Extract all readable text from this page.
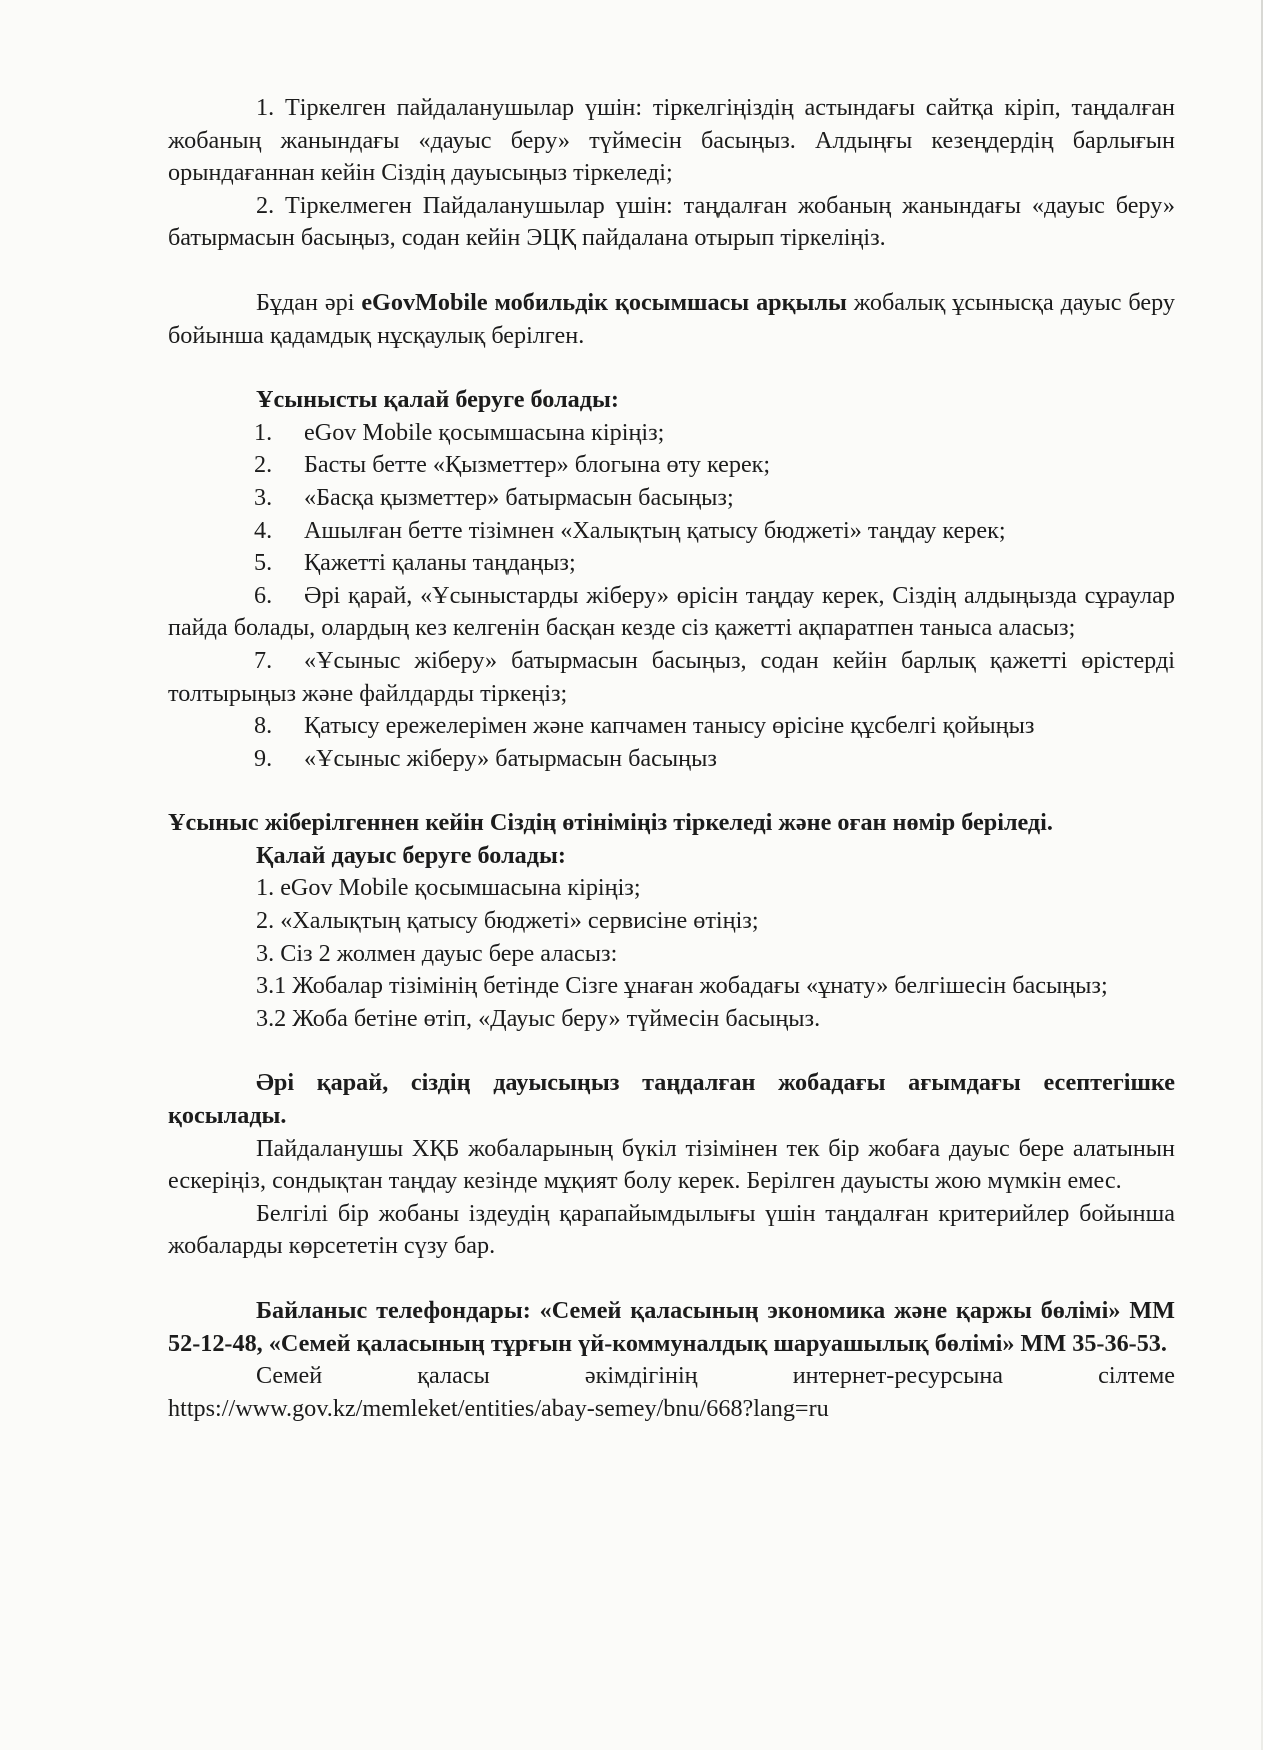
1. Тіркелген пайдаланушылар үшін: тіркелгіңіздің астындағы сайтқа кіріп, таңдалған жобаның жанындағы «дауыс беру» түймесін басыңыз. Алдыңғы кезеңдердің барлығын орындағаннан кейін Сіздің дауысыңыз тіркеледі;

2. Тіркелмеген Пайдаланушылар үшін: таңдалған жобаның жанындағы «дауыс беру» батырмасын басыңыз, содан кейін ЭЦҚ пайдалана отырып тіркеліңіз.

Бұдан әрі eGovMobile мобильдік қосымшасы арқылы жобалық ұсынысқа дауыс беру бойынша қадамдық нұсқаулық берілген.

Ұсынысты қалай беруге болады:

1.	eGov Mobile қосымшасына кіріңіз;
2.	Басты бетте «Қызметтер» блогына өту керек;
3.	«Басқа қызметтер» батырмасын басыңыз;
4.	Ашылған бетте тізімнен «Халықтың қатысу бюджеті» таңдау керек;
5.	Қажетті қаланы таңдаңыз;

6. Әрі қарай, «Ұсыныстарды жіберу» өрісін таңдау керек, Сіздің алдыңызда сұраулар пайда болады, олардың кез келгенін басқан кезде сіз қажетті ақпаратпен таныса аласыз;

7. «Ұсыныс жіберу» батырмасын басыңыз, содан кейін барлық қажетті өрістерді толтырыңыз және файлдарды тіркеңіз;

8.	Қатысу ережелерімен және капчамен танысу өрісіне құсбелгі қойыңыз
9.	«Ұсыныс жіберу» батырмасын басыңыз

Ұсыныс жіберілгеннен кейін Сіздің өтініміңіз тіркеледі және оған нөмір беріледі.

Қалай дауыс беруге болады:

1. eGov Mobile қосымшасына кіріңіз;

2. «Халықтың қатысу бюджеті» сервисіне өтіңіз;

3. Сіз 2 жолмен дауыс бере аласыз:

3.1 Жобалар тізімінің бетінде Сізге ұнаған жобадағы «ұнату» белгішесін басыңыз;

3.2 Жоба бетіне өтіп, «Дауыс беру» түймесін басыңыз.

Әрі қарай, сіздің дауысыңыз таңдалған жобадағы ағымдағы есептегішке қосылады.

Пайдаланушы ХҚБ жобаларының бүкіл тізімінен тек бір жобаға дауыс бере алатынын ескеріңіз, сондықтан таңдау кезінде мұқият болу керек. Берілген дауысты жою мүмкін емес.

Белгілі бір жобаны іздеудің қарапайымдылығы үшін таңдалған критерийлер бойынша жобаларды көрсететін сүзу бар.

Байланыс телефондары: «Семей қаласының экономика және қаржы бөлімі» ММ 52-12-48, «Семей қаласының тұрғын үй-коммуналдық шаруашылық бөлімі» ММ 35-36-53.

Семей қаласы әкімдігінің интернет-ресурсына сілтеме

https://www.gov.kz/memleket/entities/abay-semey/bnu/668?lang=ru
